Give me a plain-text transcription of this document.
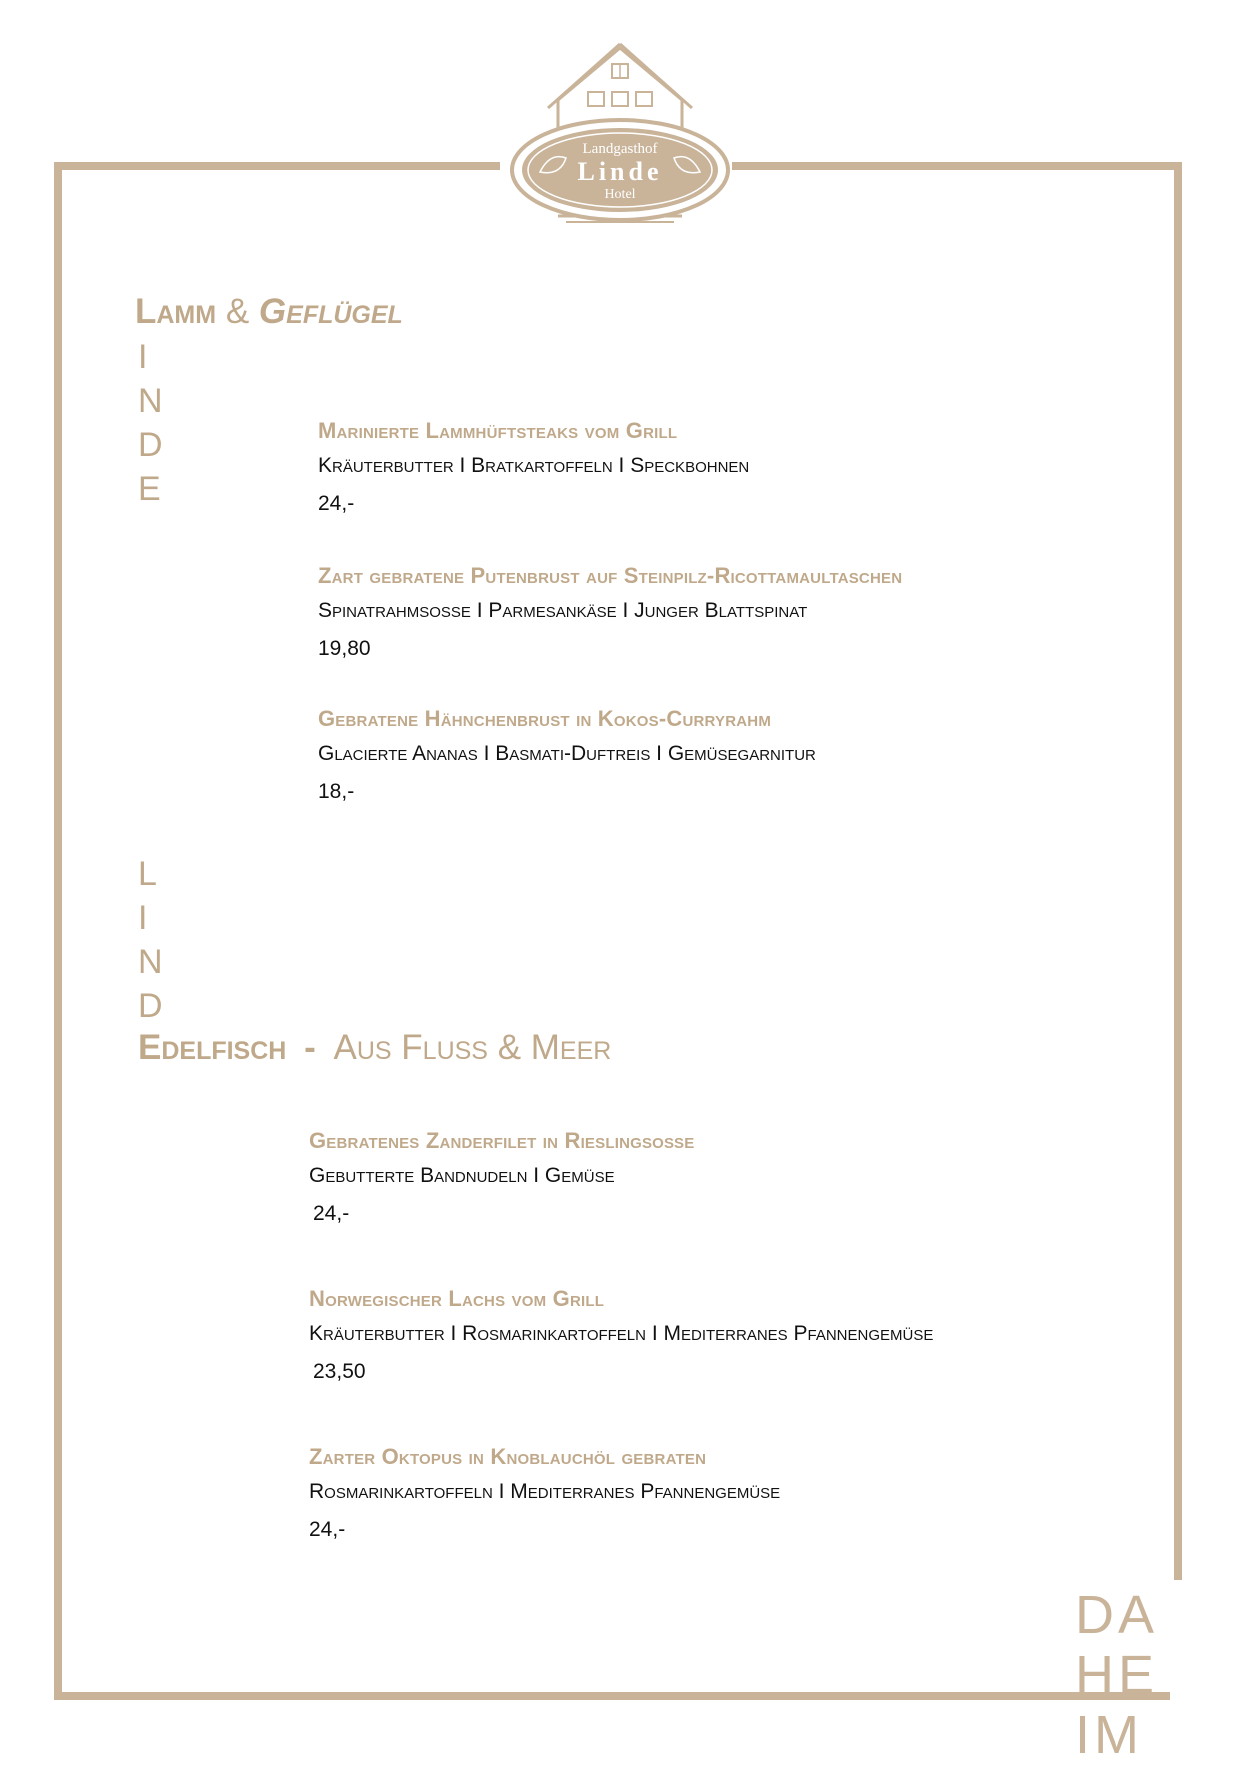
Landgasthof
Linde
Hotel
Lamm & Geflügel
I
N
D
E
Marinierte Lammhüftsteaks vom Grill
Kräuterbutter I Bratkartoffeln I Speckbohnen
24,-
Zart gebratene Putenbrust auf Steinpilz-Ricottamaultaschen
Spinatrahmsoße I Parmesankäse I Junger Blattspinat
19,80
Gebratene Hähnchenbrust in Kokos-Curryrahm
Glacierte Ananas I Basmati-Duftreis I Gemüsegarnitur
18,-
L
I
N
D
Edelfisch - Aus Fluß & Meer
Gebratenes Zanderfilet in Rieslingsoße
Gebutterte Bandnudeln I Gemüse
24,-
Norwegischer Lachs vom Grill
Kräuterbutter I Rosmarinkartoffeln I Mediterranes Pfannengemüse
23,50
Zarter Oktopus in Knoblauchöl gebraten
Rosmarinkartoffeln I Mediterranes Pfannengemüse
24,-
DA
HE
IM
